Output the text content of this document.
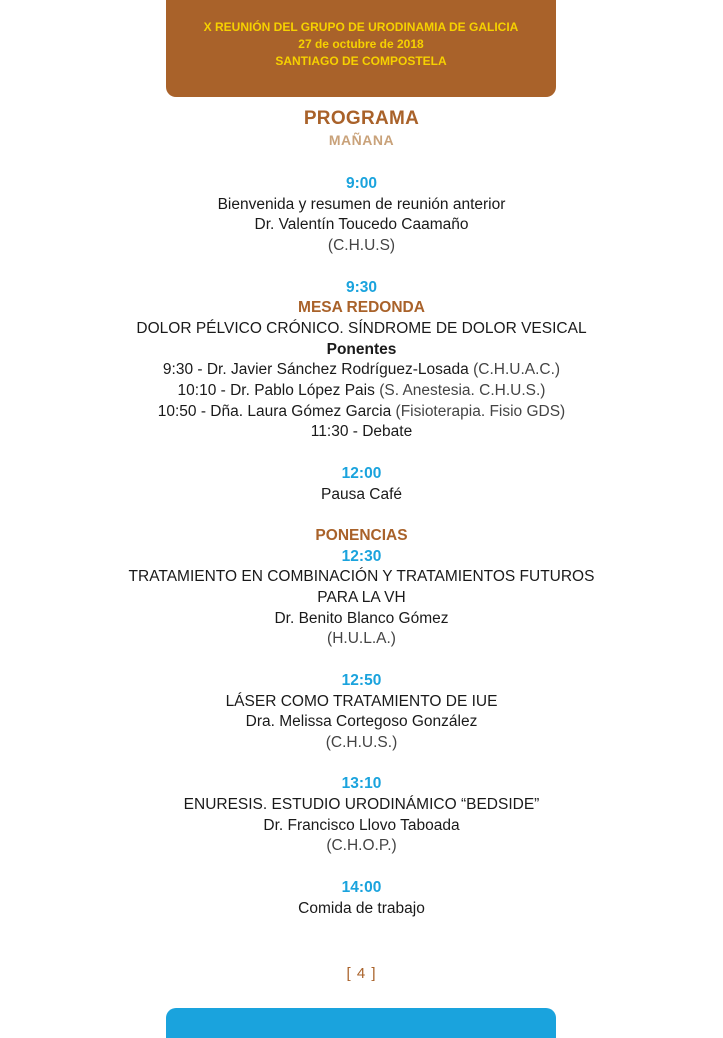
X REUNIÓN DEL GRUPO DE URODINAMIA DE GALICIA
27 de octubre de 2018
SANTIAGO DE COMPOSTELA
PROGRAMA
MAÑANA
9:00
Bienvenida y resumen de reunión anterior
Dr. Valentín Toucedo Caamaño
(C.H.U.S)
9:30
MESA REDONDA
DOLOR PÉLVICO CRÓNICO. SÍNDROME DE DOLOR VESICAL
Ponentes
9:30 - Dr. Javier Sánchez Rodríguez-Losada (C.H.U.A.C.)
10:10 - Dr. Pablo López Pais (S. Anestesia. C.H.U.S.)
10:50 - Dña. Laura Gómez Garcia (Fisioterapia. Fisio GDS)
11:30 - Debate
12:00
Pausa Café
PONENCIAS
12:30
TRATAMIENTO EN COMBINACIÓN Y TRATAMIENTOS FUTUROS
PARA LA VH
Dr. Benito Blanco Gómez
(H.U.L.A.)
12:50
LÁSER COMO TRATAMIENTO DE IUE
Dra. Melissa Cortegoso González
(C.H.U.S.)
13:10
ENURESIS. ESTUDIO URODINÁMICO “BEDSIDE”
Dr. Francisco Llovo Taboada
(C.H.O.P.)
14:00
Comida de trabajo
[ 4 ]
